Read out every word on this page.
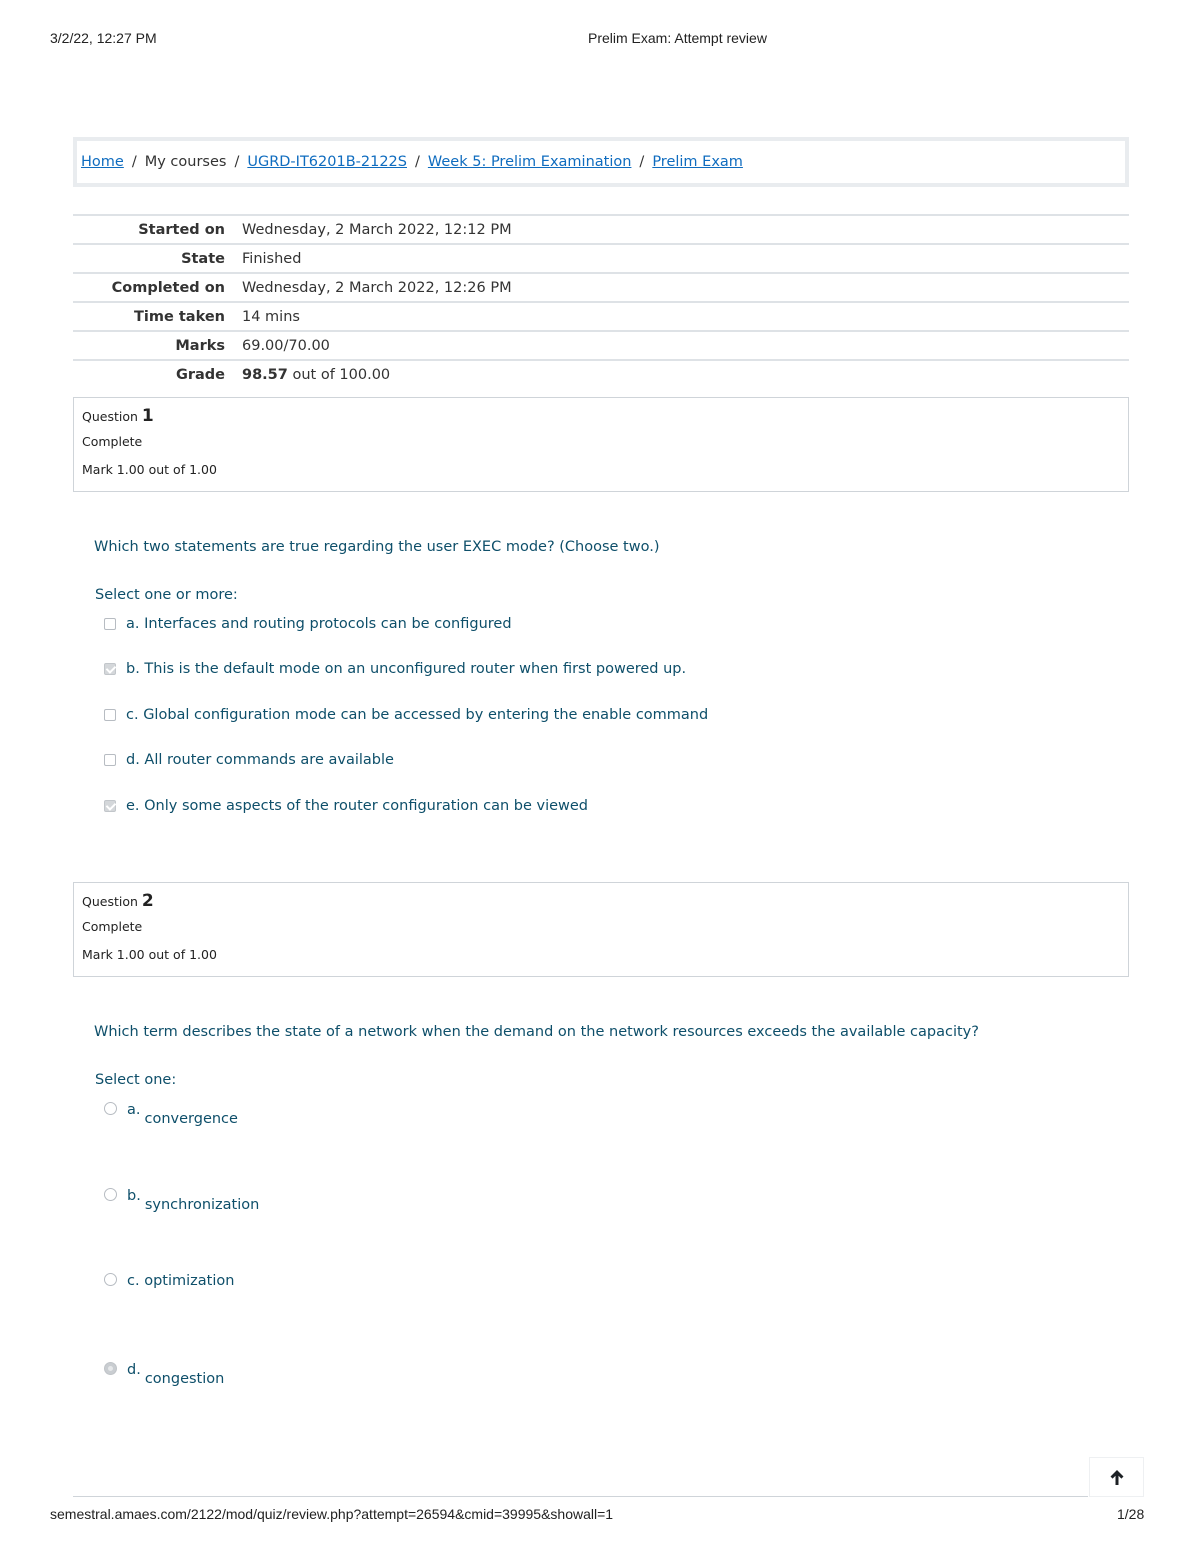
3/2/22, 12:27 PM	Prelim Exam: Attempt review
Home / My courses / UGRD-IT6201B-2122S / Week 5: Prelim Examination / Prelim Exam
Started on	Wednesday, 2 March 2022, 12:12 PM
State	Finished
Completed on	Wednesday, 2 March 2022, 12:26 PM
Time taken	14 mins
Marks	69.00/70.00
Grade	98.57 out of 100.00
Question 1
Complete
Mark 1.00 out of 1.00
Which two statements are true regarding the user EXEC mode? (Choose two.)
Select one or more:
a. Interfaces and routing protocols can be configured
b. This is the default mode on an unconfigured router when first powered up.
c. Global configuration mode can be accessed by entering the enable command
d. All router commands are available
e. Only some aspects of the router configuration can be viewed
Question 2
Complete
Mark 1.00 out of 1.00
Which term describes the state of a network when the demand on the network resources exceeds the available capacity?
Select one:
a.
convergence
b.
synchronization
c.
optimization
d.
congestion
semestral.amaes.com/2122/mod/quiz/review.php?attempt=26594&cmid=39995&showall=1	1/28
